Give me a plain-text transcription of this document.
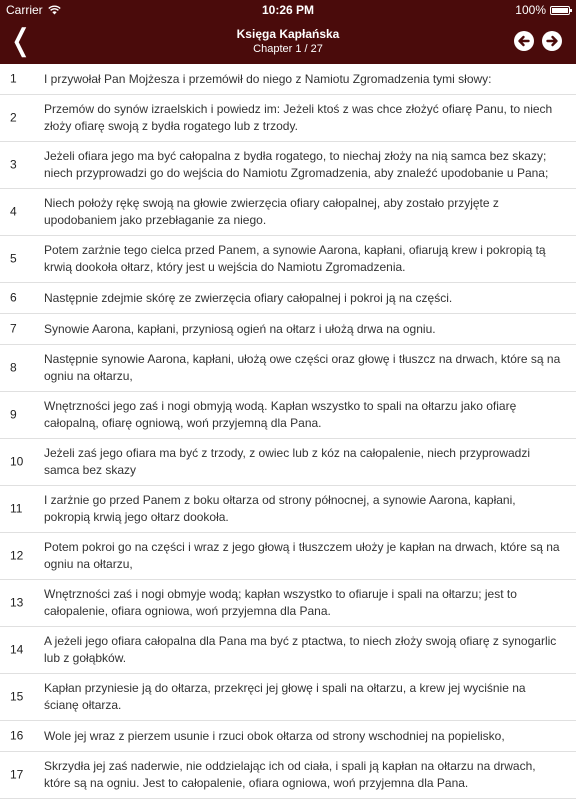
Carrier	10:26 PM	100%
❬	Księga Kapłańska
Chapter 1 / 27
1 I przywołał Pan Mojżesza i przemówił do niego z Namiotu Zgromadzenia tymi słowy:
2
Przemów do synów izraelskich i powiedz im: Jeżeli ktoś z was chce złożyć ofiarę Panu, to niech złoży ofiarę swoją z bydła rogatego lub z trzody.
3
Jeżeli ofiara jego ma być całopalna z bydła rogatego, to niechaj złoży na nią samca bez skazy; niech przyprowadzi go do wejścia do Namiotu Zgromadzenia, aby znaleźć upodobanie u Pana;
4
Niech położy rękę swoją na głowie zwierzęcia ofiary całopalnej, aby zostało przyjęte z upodobaniem jako przebłaganie za niego.
5
Potem zarżnie tego cielca przed Panem, a synowie Aarona, kapłani, ofiarują krew i pokropią tą krwią dookoła ołtarz, który jest u wejścia do Namiotu Zgromadzenia.
6 Następnie zdejmie skórę ze zwierzęcia ofiary całopalnej i pokroi ją na części.
7 Synowie Aarona, kapłani, przyniosą ogień na ołtarz i ułożą drwa na ogniu.
8
Następnie synowie Aarona, kapłani, ułożą owe części oraz głowę i tłuszcz na drwach, które są na ogniu na ołtarzu,
9
Wnętrzności jego zaś i nogi obmyją wodą. Kapłan wszystko to spali na ołtarzu jako ofiarę całopalną, ofiarę ogniową, woń przyjemną dla Pana.
10
Jeżeli zaś jego ofiara ma być z trzody, z owiec lub z kóz na całopalenie, niech przyprowadzi samca bez skazy
11
I zarżnie go przed Panem z boku ołtarza od strony północnej, a synowie Aarona, kapłani, pokropią krwią jego ołtarz dookoła.
12
Potem pokroi go na części i wraz z jego głową i tłuszczem ułoży je kapłan na drwach, które są na ogniu na ołtarzu,
13
Wnętrzności zaś i nogi obmyje wodą; kapłan wszystko to ofiaruje i spali na ołtarzu; jest to całopalenie, ofiara ogniowa, woń przyjemna dla Pana.
14
A jeżeli jego ofiara całopalna dla Pana ma być z ptactwa, to niech złoży swoją ofiarę z synogarlic lub z gołąbków.
15
Kapłan przyniesie ją do ołtarza, przekręci jej głowę i spali na ołtarzu, a krew jej wyciśnie na ścianę ołtarza.
16 Wole jej wraz z pierzem usunie i rzuci obok ołtarza od strony wschodniej na popielisko,
17
Skrzydła jej zaś naderwie, nie oddzielając ich od ciała, i spali ją kapłan na ołtarzu na drwach, które są na ogniu. Jest to całopalenie, ofiara ogniowa, woń przyjemna dla Pana.
